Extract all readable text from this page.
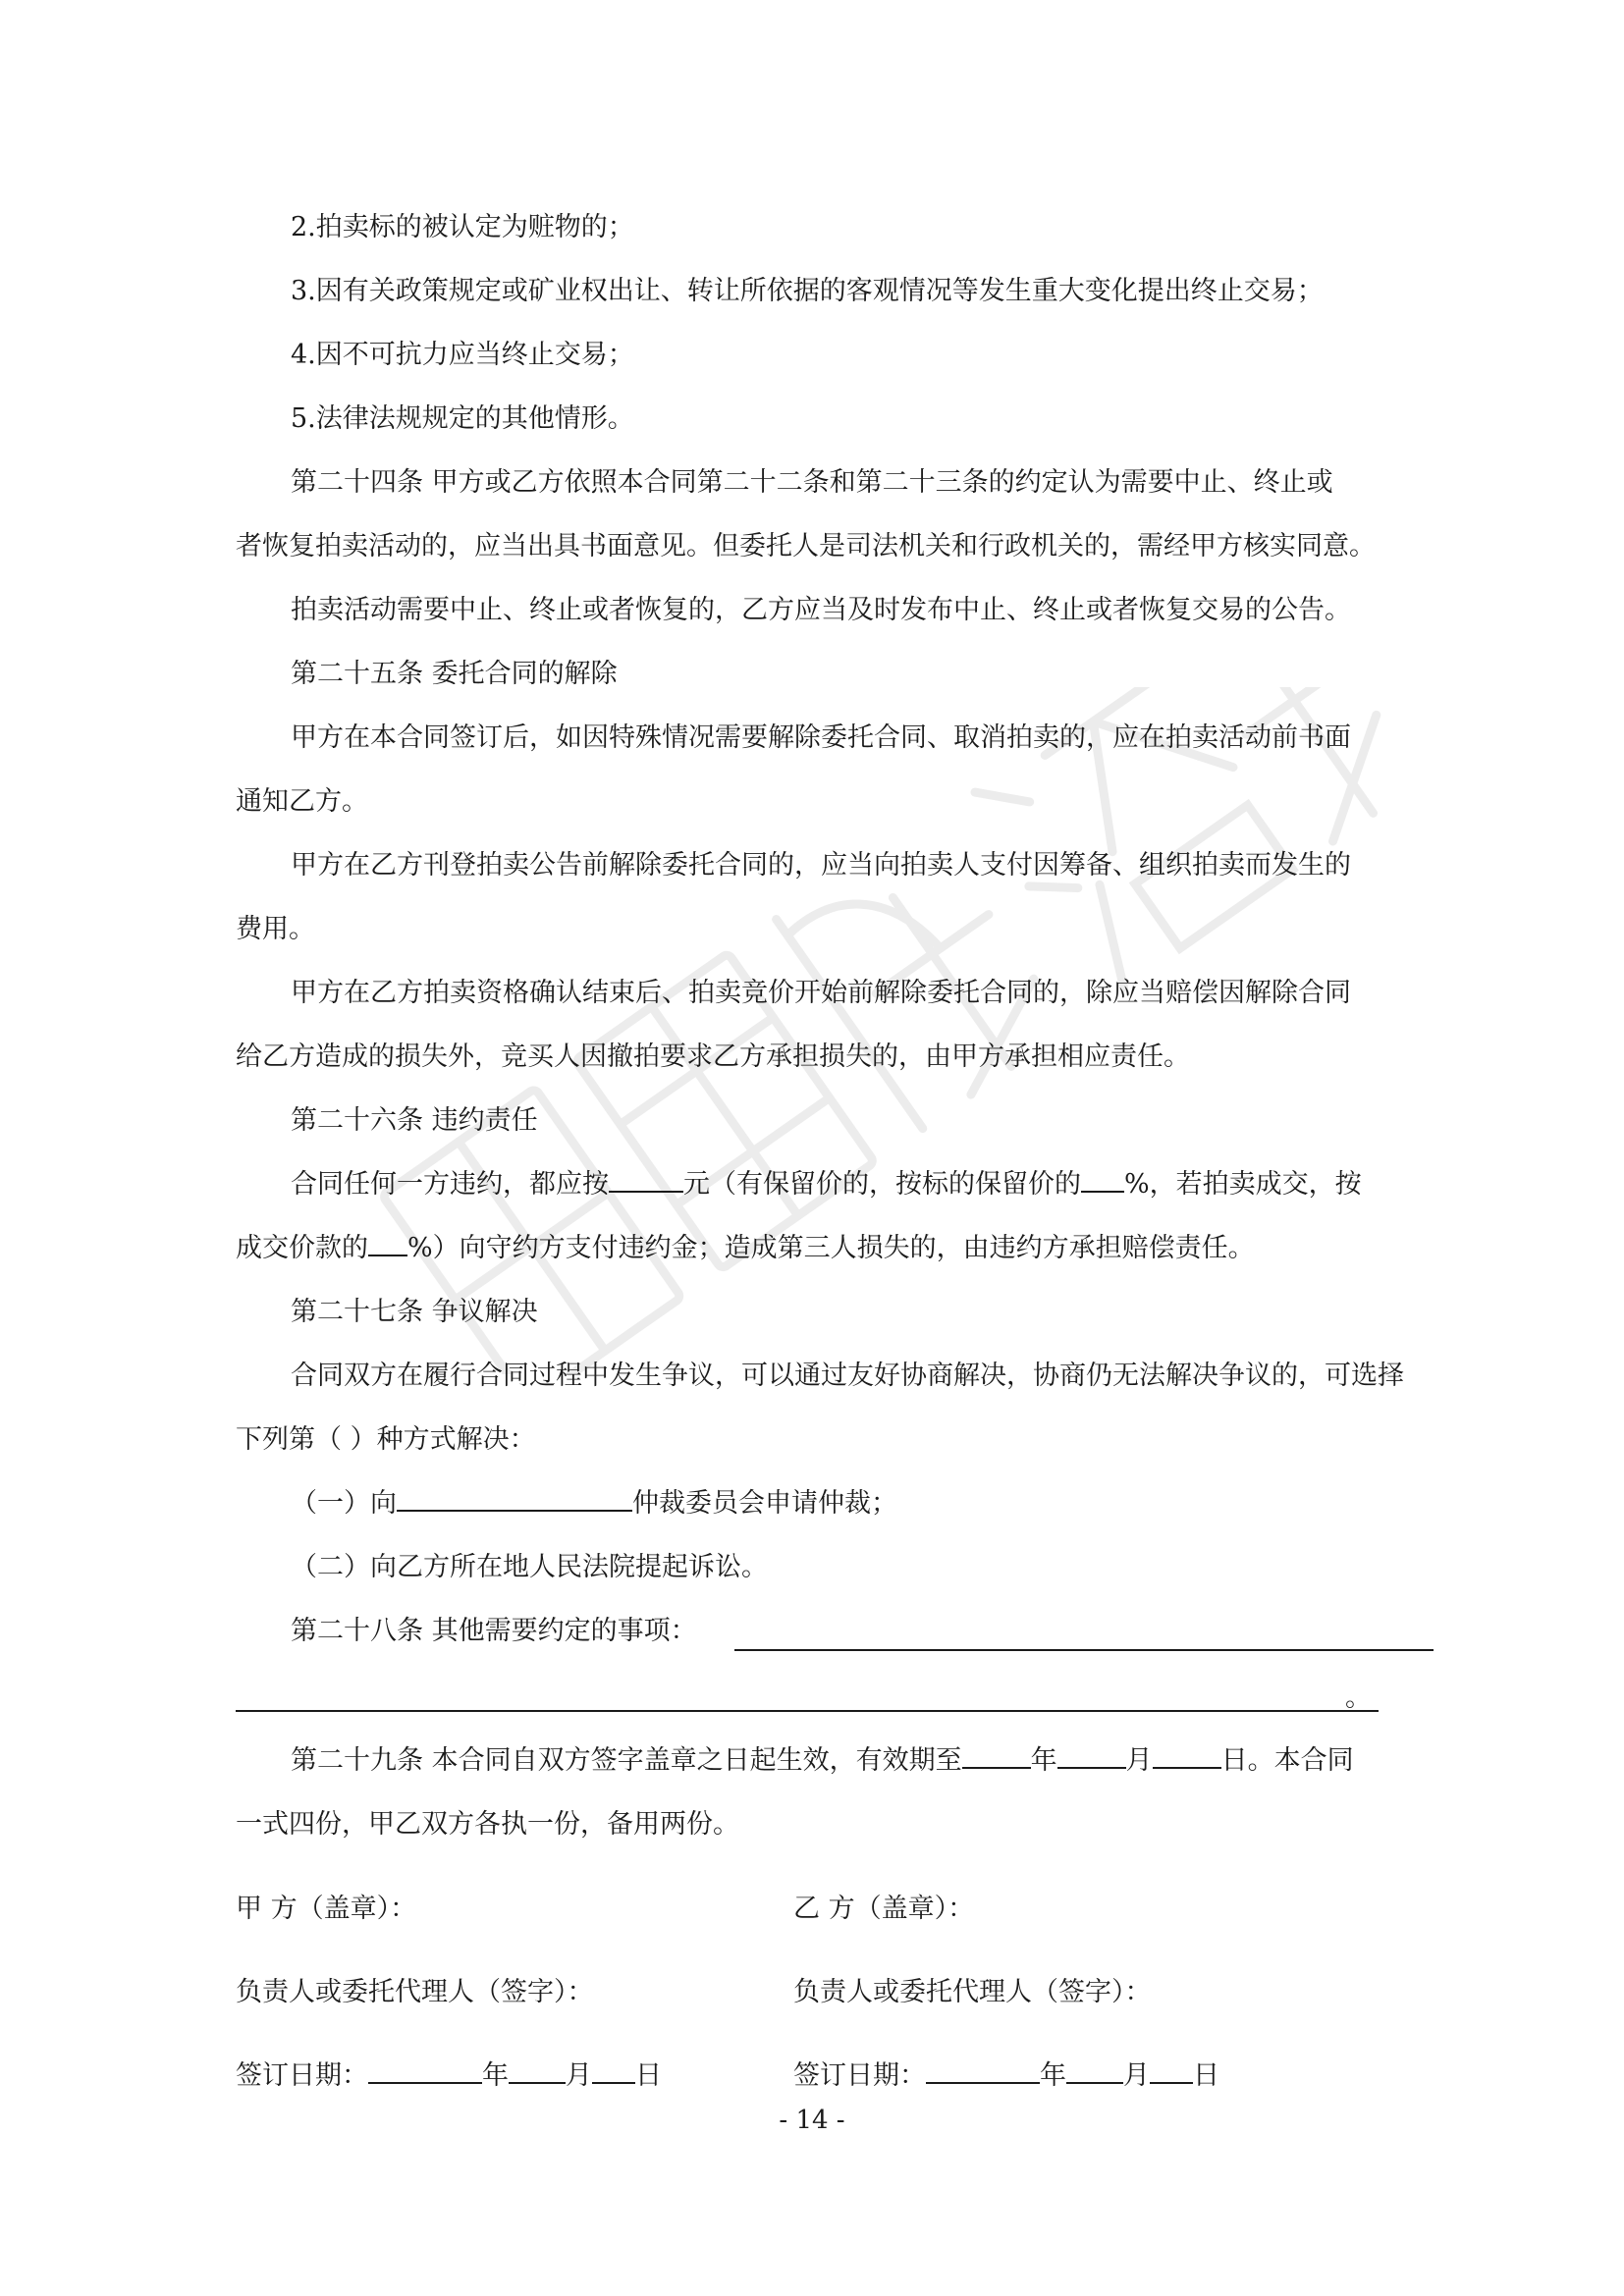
2.拍卖标的被认定为赃物的；
3.因有关政策规定或矿业权出让、转让所依据的客观情况等发生重大变化提出终止交易；
4.因不可抗力应当终止交易；
5.法律法规规定的其他情形。
第二十四条 甲方或乙方依照本合同第二十二条和第二十三条的约定认为需要中止、终止或
者恢复拍卖活动的，应当出具书面意见。但委托人是司法机关和行政机关的，需经甲方核实同意。
拍卖活动需要中止、终止或者恢复的，乙方应当及时发布中止、终止或者恢复交易的公告。
第二十五条 委托合同的解除
甲方在本合同签订后，如因特殊情况需要解除委托合同、取消拍卖的，应在拍卖活动前书面
通知乙方。
甲方在乙方刊登拍卖公告前解除委托合同的，应当向拍卖人支付因筹备、组织拍卖而发生的
费用。
甲方在乙方拍卖资格确认结束后、拍卖竞价开始前解除委托合同的，除应当赔偿因解除合同
给乙方造成的损失外，竞买人因撤拍要求乙方承担损失的，由甲方承担相应责任。
第二十六条 违约责任
合同任何一方违约，都应按	元（有保留价的，按标的保留价的 %，若拍卖成交，按
成交价款的 %）向守约方支付违约金；造成第三人损失的，由违约方承担赔偿责任。
第二十七条 争议解决
合同双方在履行合同过程中发生争议，可以通过友好协商解决，协商仍无法解决争议的，可选择
下列第（ ）种方式解决：
（一）向	仲裁委员会申请仲裁；
（二）向乙方所在地人民法院提起诉讼。
第二十八条 其他需要约定的事项：
。
第二十九条 本合同自双方签字盖章之日起生效，有效期至	年	月	日。本合同
一式四份，甲乙双方各执一份，备用两份。
甲 方（盖章）：	乙 方（盖章）：
负责人或委托代理人（签字）：	负责人或委托代理人（签字）：
签订日期：	年 月 日	签订日期：	年 月 日
- 14 -
